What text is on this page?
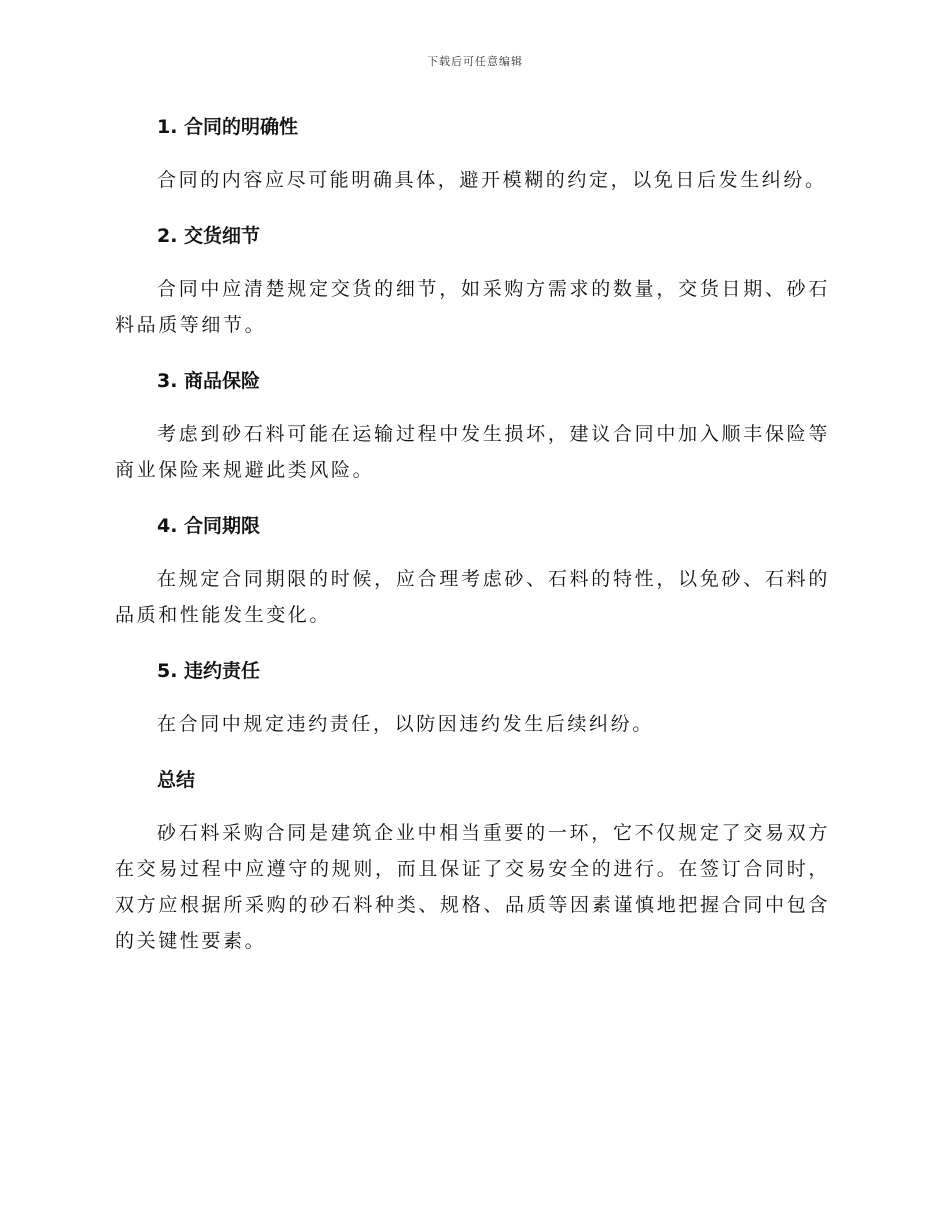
下载后可任意编辑
1. 合同的明确性

合同的内容应尽可能明确具体，避开模糊的约定，以免日后发生纠纷。

2. 交货细节

合同中应清楚规定交货的细节，如采购方需求的数量，交货日期、砂石料品质等细节。

3. 商品保险

考虑到砂石料可能在运输过程中发生损坏，建议合同中加入顺丰保险等商业保险来规避此类风险。

4. 合同期限

在规定合同期限的时候，应合理考虑砂、石料的特性，以免砂、石料的品质和性能发生变化。

5. 违约责任

在合同中规定违约责任，以防因违约发生后续纠纷。

总结

砂石料采购合同是建筑企业中相当重要的一环，它不仅规定了交易双方在交易过程中应遵守的规则，而且保证了交易安全的进行。在签订合同时，双方应根据所采购的砂石料种类、规格、品质等因素谨慎地把握合同中包含的关键性要素。
